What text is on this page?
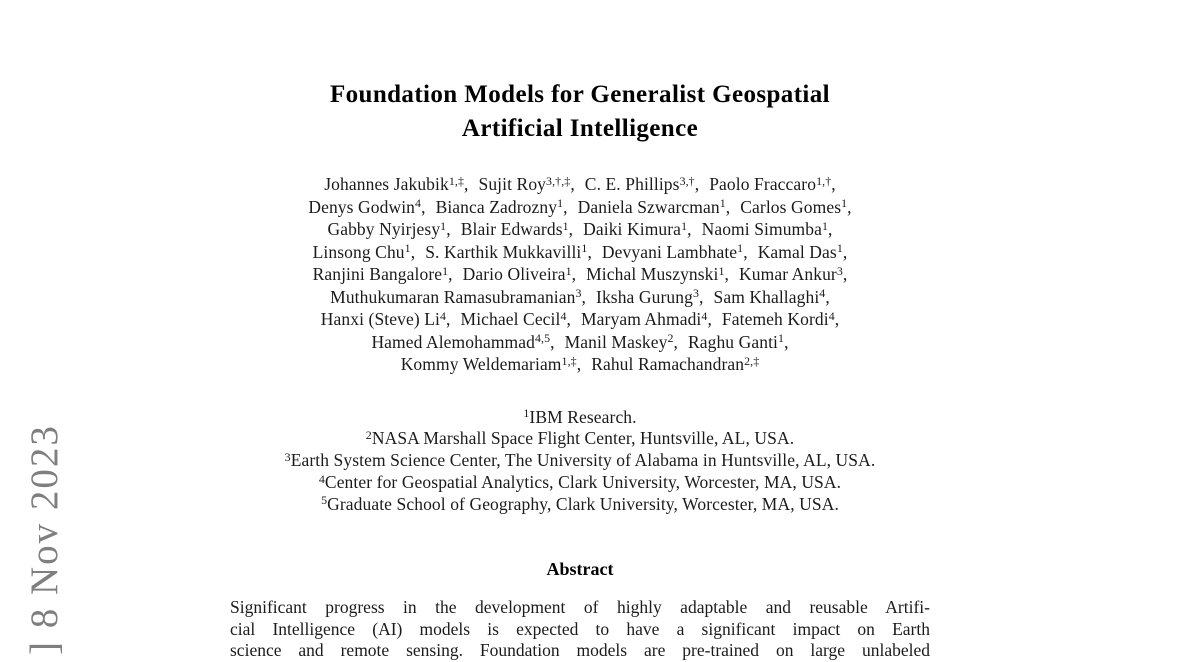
] 8 Nov 2023
Foundation Models for Generalist Geospatial
Artificial Intelligence
Johannes Jakubik$^{1,\ddagger}$, Sujit Roy$^{3,\dagger,\ddagger}$, C. E. Phillips$^{3,\dagger}$, Paolo Fraccaro$^{1,\dagger}$,
Denys Godwin$^4$, Bianca Zadrozny$^1$, Daniela Szwarcman$^1$, Carlos Gomes$^1$,
Gabby Nyirjesy$^1$, Blair Edwards$^1$, Daiki Kimura$^1$, Naomi Simumba$^1$,
Linsong Chu$^1$, S. Karthik Mukkavilli$^1$, Devyani Lambhate$^1$, Kamal Das$^1$,
Ranjini Bangalore$^1$, Dario Oliveira$^1$, Michal Muszynski$^1$, Kumar Ankur$^3$,
Muthukumaran Ramasubramanian$^3$, Iksha Gurung$^3$, Sam Khallaghi$^4$,
Hanxi (Steve) Li$^4$, Michael Cecil$^4$, Maryam Ahmadi$^4$, Fatemeh Kordi$^4$,
Hamed Alemohammad$^{4,5}$, Manil Maskey$^2$, Raghu Ganti$^1$,
Kommy Weldemariam$^{1,\ddagger}$, Rahul Ramachandran$^{2,\ddagger}$
$^1$IBM Research.
$^2$NASA Marshall Space Flight Center, Huntsville, AL, USA.
$^3$Earth System Science Center, The University of Alabama in Huntsville, AL, USA.
$^4$Center for Geospatial Analytics, Clark University, Worcester, MA, USA.
$^5$Graduate School of Geography, Clark University, Worcester, MA, USA.
Abstract
Significant progress in the development of highly adaptable and reusable Artifi-
cial Intelligence (AI) models is expected to have a significant impact on Earth
science and remote sensing. Foundation models are pre-trained on large unlabeled
